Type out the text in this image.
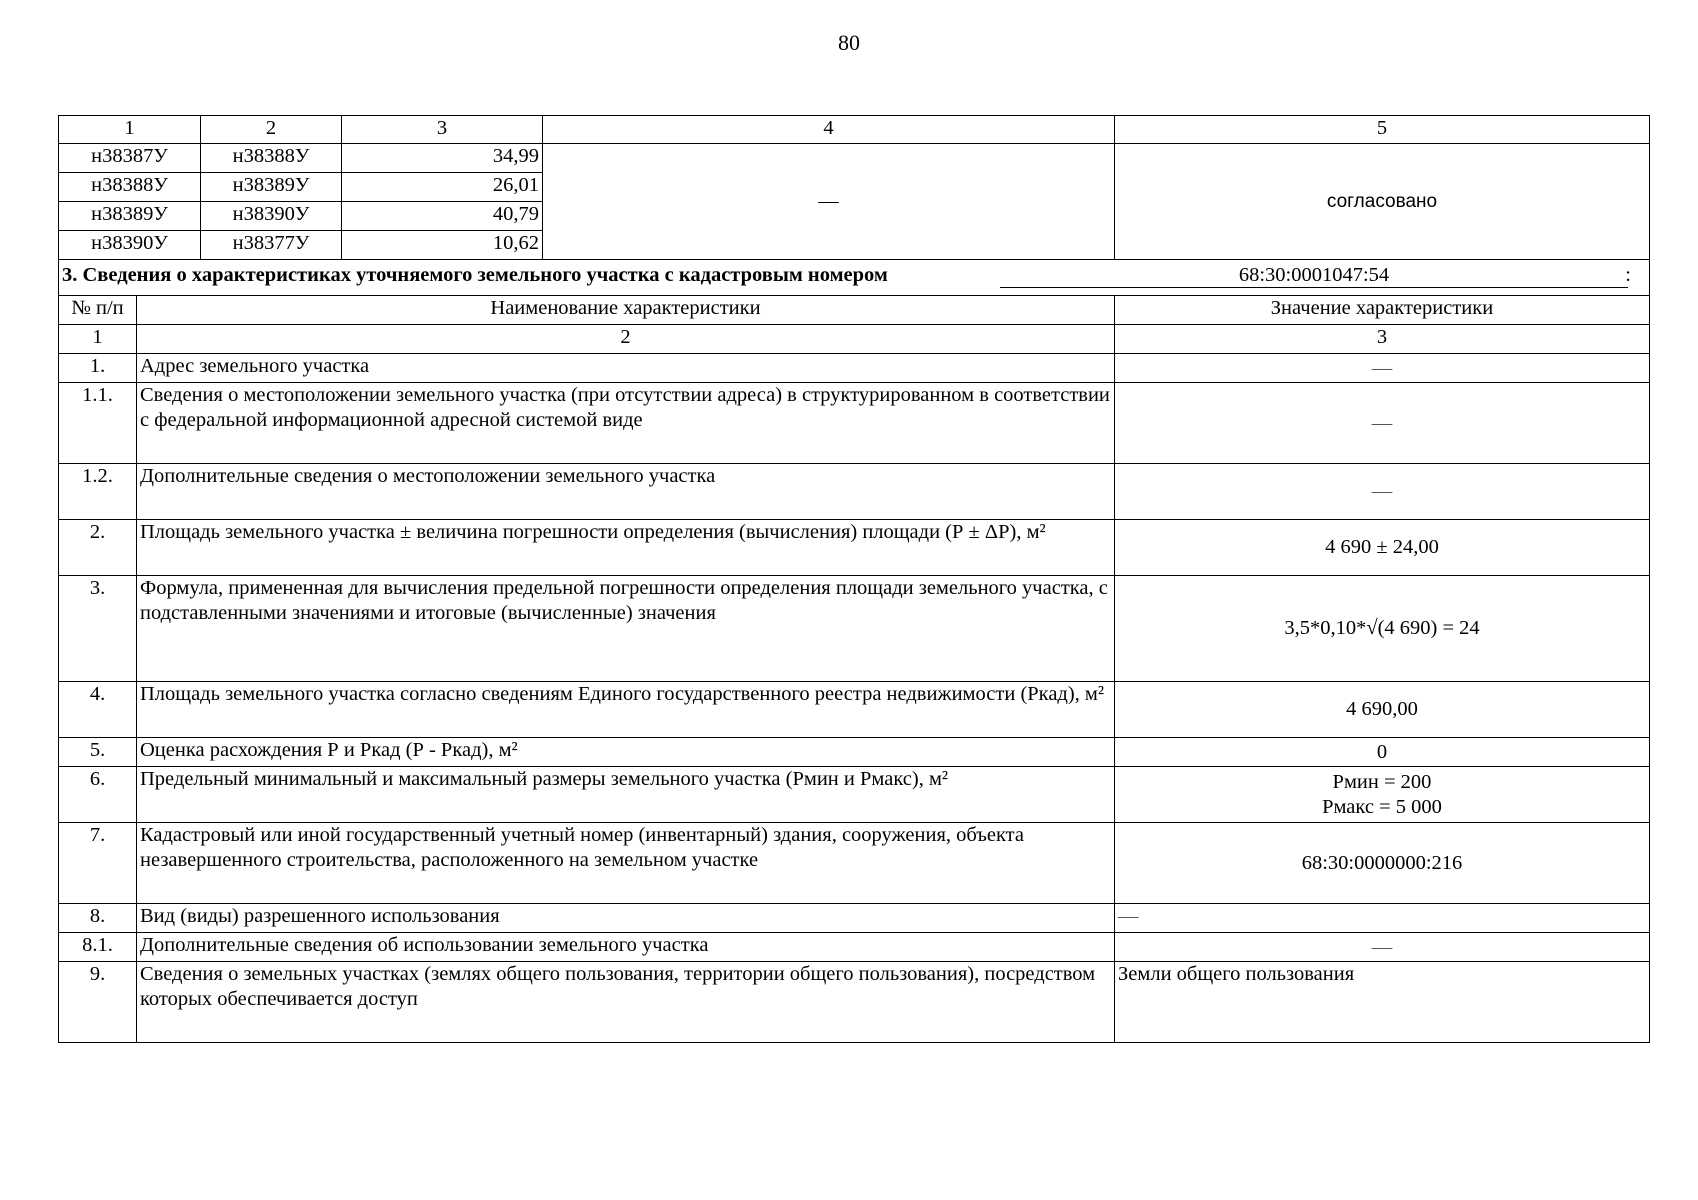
80
1		2	3	4	5
н38387У		н38388У	34,99	—	согласовано
н38388У		н38389У	26,01		
н38389У		н38390У	40,79		
н38390У		н38377У	10,62		

3. Сведения о характеристиках уточняемого земельного участка с кадастровым номером 68:30:0001047:54 :					

№ п/п	Наименование характеристики				Значение характеристики
1	2				3
1.	Адрес земельного участка				—
1.1.	Сведения о местоположении земельного участка (при отсутствии адреса) в структурированном в соответствии с федеральной информационной адресной системой виде				—
1.2.	Дополнительные сведения о местоположении земельного участка				—
2.	Площадь земельного участка ± величина погрешности определения (вычисления) площади (Р ± ΔР), м²				4 690 ± 24,00
3.	Формула, примененная для вычисления предельной погрешности определения площади земельного участка, с подставленными значениями и итоговые (вычисленные) значения				3,5*0,10*√(4 690) = 24
4.	Площадь земельного участка согласно сведениям Единого государственного реестра недвижимости (Ркад), м²				4 690,00
5.	Оценка расхождения Р и Ркад (Р - Ркад), м²				0
6.	Предельный минимальный и максимальный размеры земельного участка (Рмин и Рмакс), м²				Рмин = 200
Рмакс = 5 000
7.	Кадастровый или иной государственный учетный номер (инвентарный) здания, сооружения, объекта незавершенного строительства, расположенного на земельном участке				68:30:0000000:216
8.	Вид (виды) разрешенного использования				—
8.1.	Дополнительные сведения об использовании земельного участка				—
9.	Сведения о земельных участках (землях общего пользования, территории общего пользования), посредством которых обеспечивается доступ				Земли общего пользования
